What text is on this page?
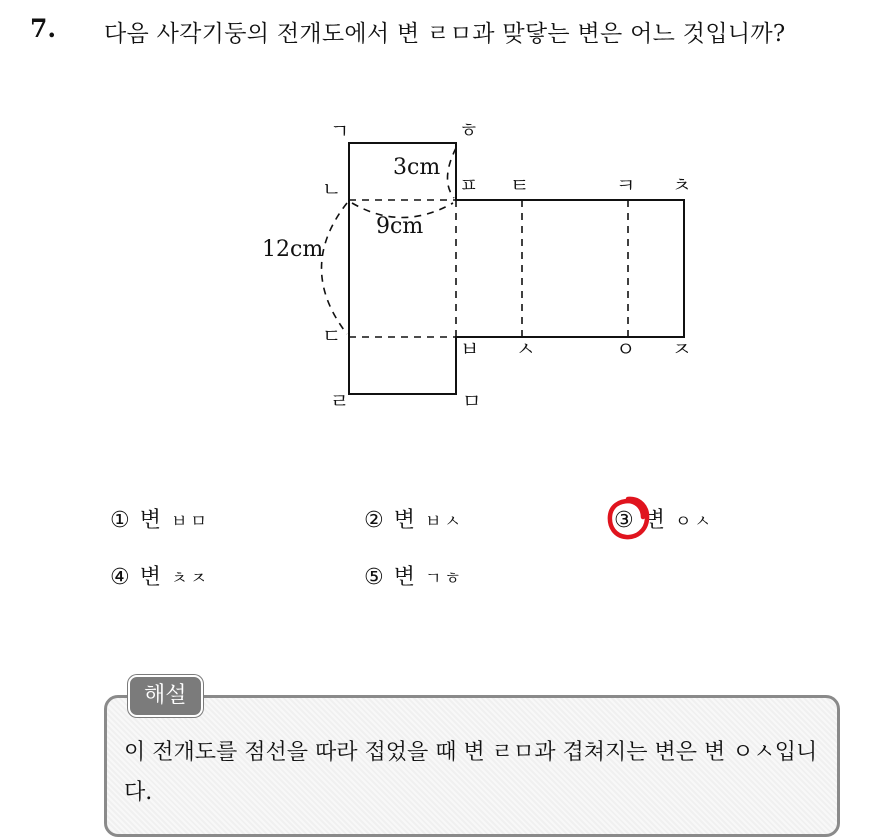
7. 다음 사각기둥의 전개도에서 변 ㄹㅁ과 맞닿는 변은 어느 것입니까?
ㄱ	ㅎ
ㄴ	ㅍ ㅌ	ㅋ ㅊ
ㄷ
ㅂ ㅅ	ㅇ ㅈ
ㄹ	ㅁ
3cm
9cm
12cm
① 변 ㅂㅁ	② 변 ㅂㅅ	③ 변 ㅇㅅ
④ 변 ㅊㅈ	⑤ 변 ㄱㅎ
해설
이 전개도를 점선을 따라 접었을 때 변 ㄹㅁ과 겹쳐지는 변은 변 ㅇㅅ입니다.
